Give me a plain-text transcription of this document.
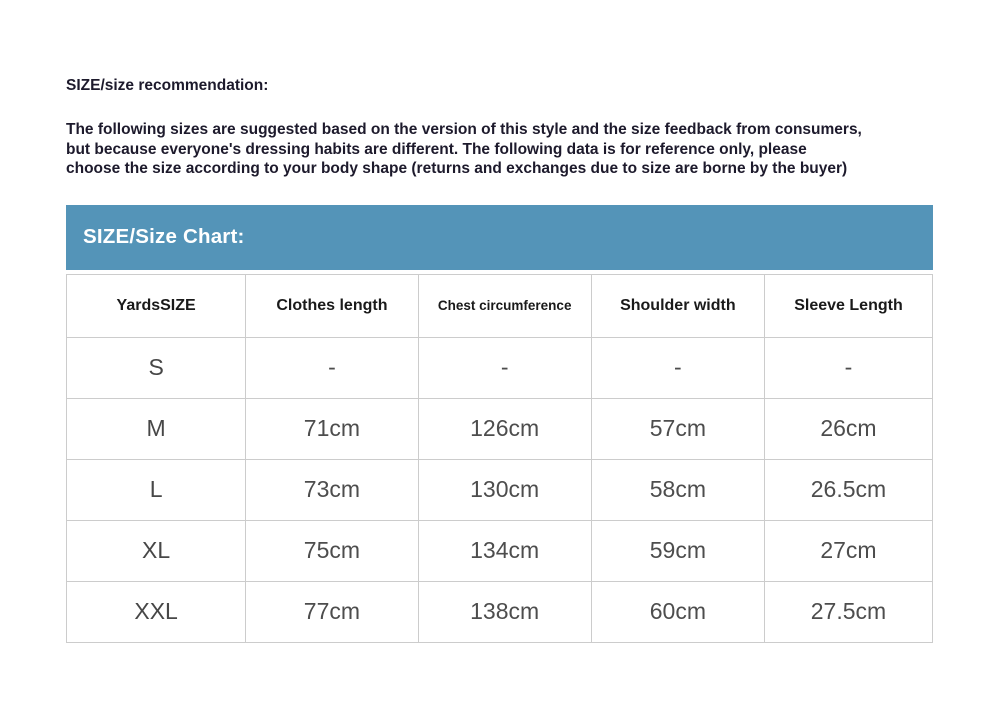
SIZE/size recommendation:
The following sizes are suggested based on the version of this style and the size feedback from consumers,
but because everyone's dressing habits are different. The following data is for reference only, please
choose the size according to your body shape (returns and exchanges due to size are borne by the buyer)
SIZE/Size Chart:
YardsSIZE	Clothes length	Chest circumference	Shoulder width	Sleeve Length
S	-	-	-	-
M	71cm	126cm	57cm	26cm
L	73cm	130cm	58cm	26.5cm
XL	75cm	134cm	59cm	27cm
XXL	77cm	138cm	60cm	27.5cm
